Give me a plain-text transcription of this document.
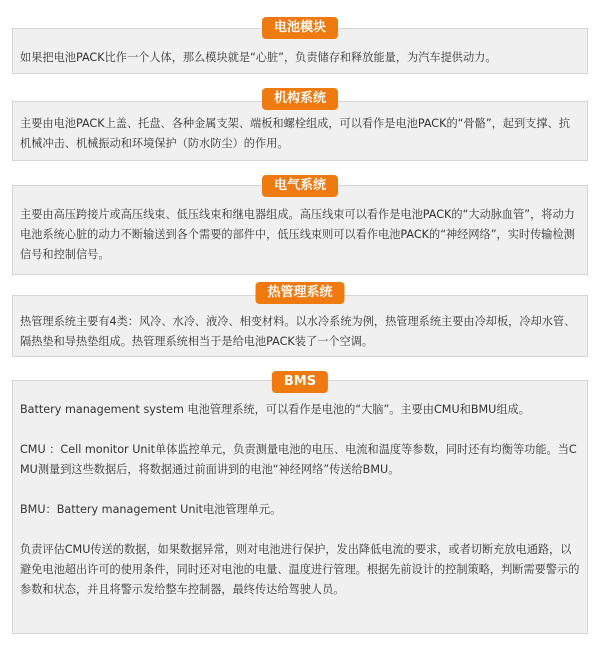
电池模块

如果把电池PACK比作一个人体，那么模块就是“心脏”，负责储存和释放能量，为汽车提供动力。

机构系统

主要由电池PACK上盖、托盘、各种金属支架、端板和螺栓组成，可以看作是电池PACK的“骨骼”，起到支撑、抗机械冲击、机械振动和环境保护（防水防尘）的作用。

电气系统

主要由高压跨接片或高压线束、低压线束和继电器组成。高压线束可以看作是电池PACK的“大动脉血管”，将动力电池系统心脏的动力不断输送到各个需要的部件中，低压线束则可以看作电池PACK的“神经网络”，实时传输检测信号和控制信号。

热管理系统

热管理系统主要有4类：风冷、水冷、液冷、相变材料。以水冷系统为例，热管理系统主要由冷却板，冷却水管、隔热垫和导热垫组成。热管理系统相当于是给电池PACK装了一个空调。

BMS

Battery management system 电池管理系统，可以看作是电池的“大脑”。主要由CMU和BMU组成。

CMU ：Cell monitor Unit单体监控单元，负责测量电池的电压、电流和温度等参数，同时还有均衡等功能。当CMU测量到这些数据后，将数据通过前面讲到的电池“神经网络”传送给BMU。

BMU：Battery management Unit电池管理单元。

负责评估CMU传送的数据，如果数据异常，则对电池进行保护，发出降低电流的要求，或者切断充放电通路，以避免电池超出许可的使用条件，同时还对电池的电量、温度进行管理。根据先前设计的控制策略，判断需要警示的参数和状态，并且将警示发给整车控制器，最终传达给驾驶人员。
